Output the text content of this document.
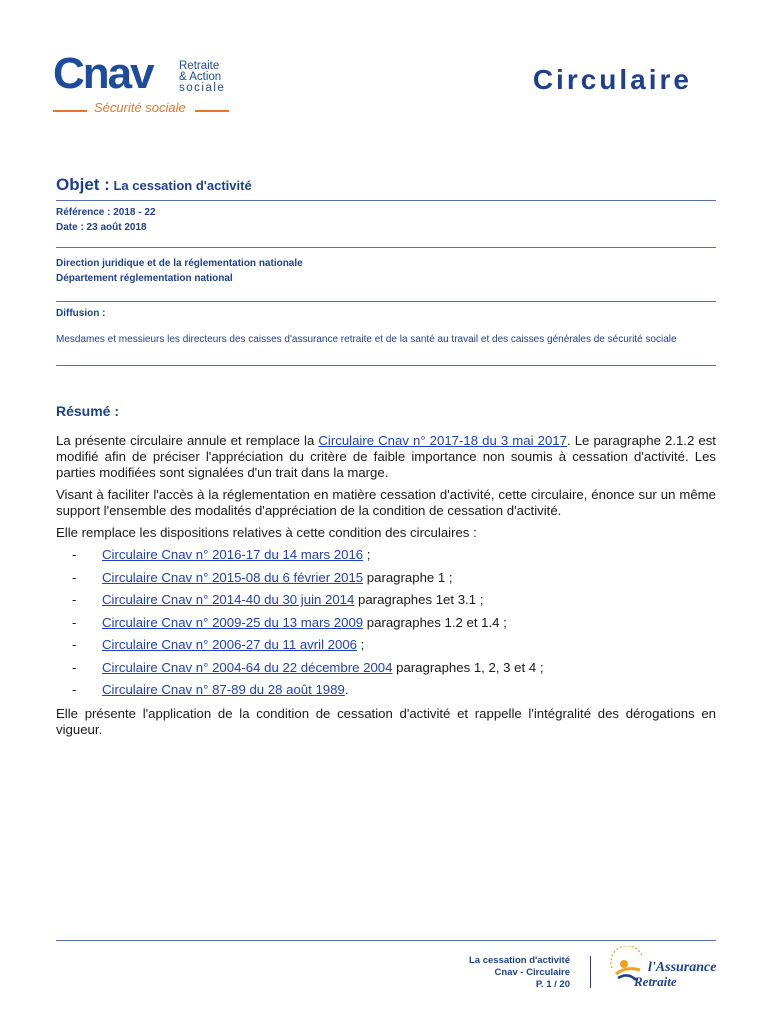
Cnav Retraite
& Action
sociale
Sécurité sociale
Circulaire
Objet : La cessation d'activité
Référence : 2018 - 22
Date : 23 août 2018
Direction juridique et de la réglementation nationale
Département réglementation national
Diffusion :
Mesdames et messieurs les directeurs des caisses d'assurance retraite et de la santé au travail et des caisses générales de sécurité sociale
Résumé :
La présente circulaire annule et remplace la Circulaire Cnav n° 2017-18 du 3 mai 2017. Le paragraphe 2.1.2 est modifié afin de préciser l'appréciation du critère de faible importance non soumis à cessation d'activité. Les parties modifiées sont signalées d'un trait dans la marge.
Visant à faciliter l'accès à la réglementation en matière cessation d'activité, cette circulaire, énonce sur un même support l'ensemble des modalités d'appréciation de la condition de cessation d'activité.
Elle remplace les dispositions relatives à cette condition des circulaires :
-	Circulaire Cnav n° 2016-17 du 14 mars 2016 ;
-	Circulaire Cnav n° 2015-08 du 6 février 2015 paragraphe 1 ;
-	Circulaire Cnav n° 2014-40 du 30 juin 2014 paragraphes 1et 3.1 ;
-	Circulaire Cnav n° 2009-25 du 13 mars 2009 paragraphes 1.2 et 1.4 ;
-	Circulaire Cnav n° 2006-27 du 11 avril 2006 ;
-	Circulaire Cnav n° 2004-64 du 22 décembre 2004 paragraphes 1, 2, 3 et 4 ;
-	Circulaire Cnav n° 87-89 du 28 août 1989.
Elle présente l'application de la condition de cessation d'activité et rappelle l'intégralité des dérogations en vigueur.
La cessation d'activité
Cnav - Circulaire
P. 1 / 20
l'Assurance
Retraite
